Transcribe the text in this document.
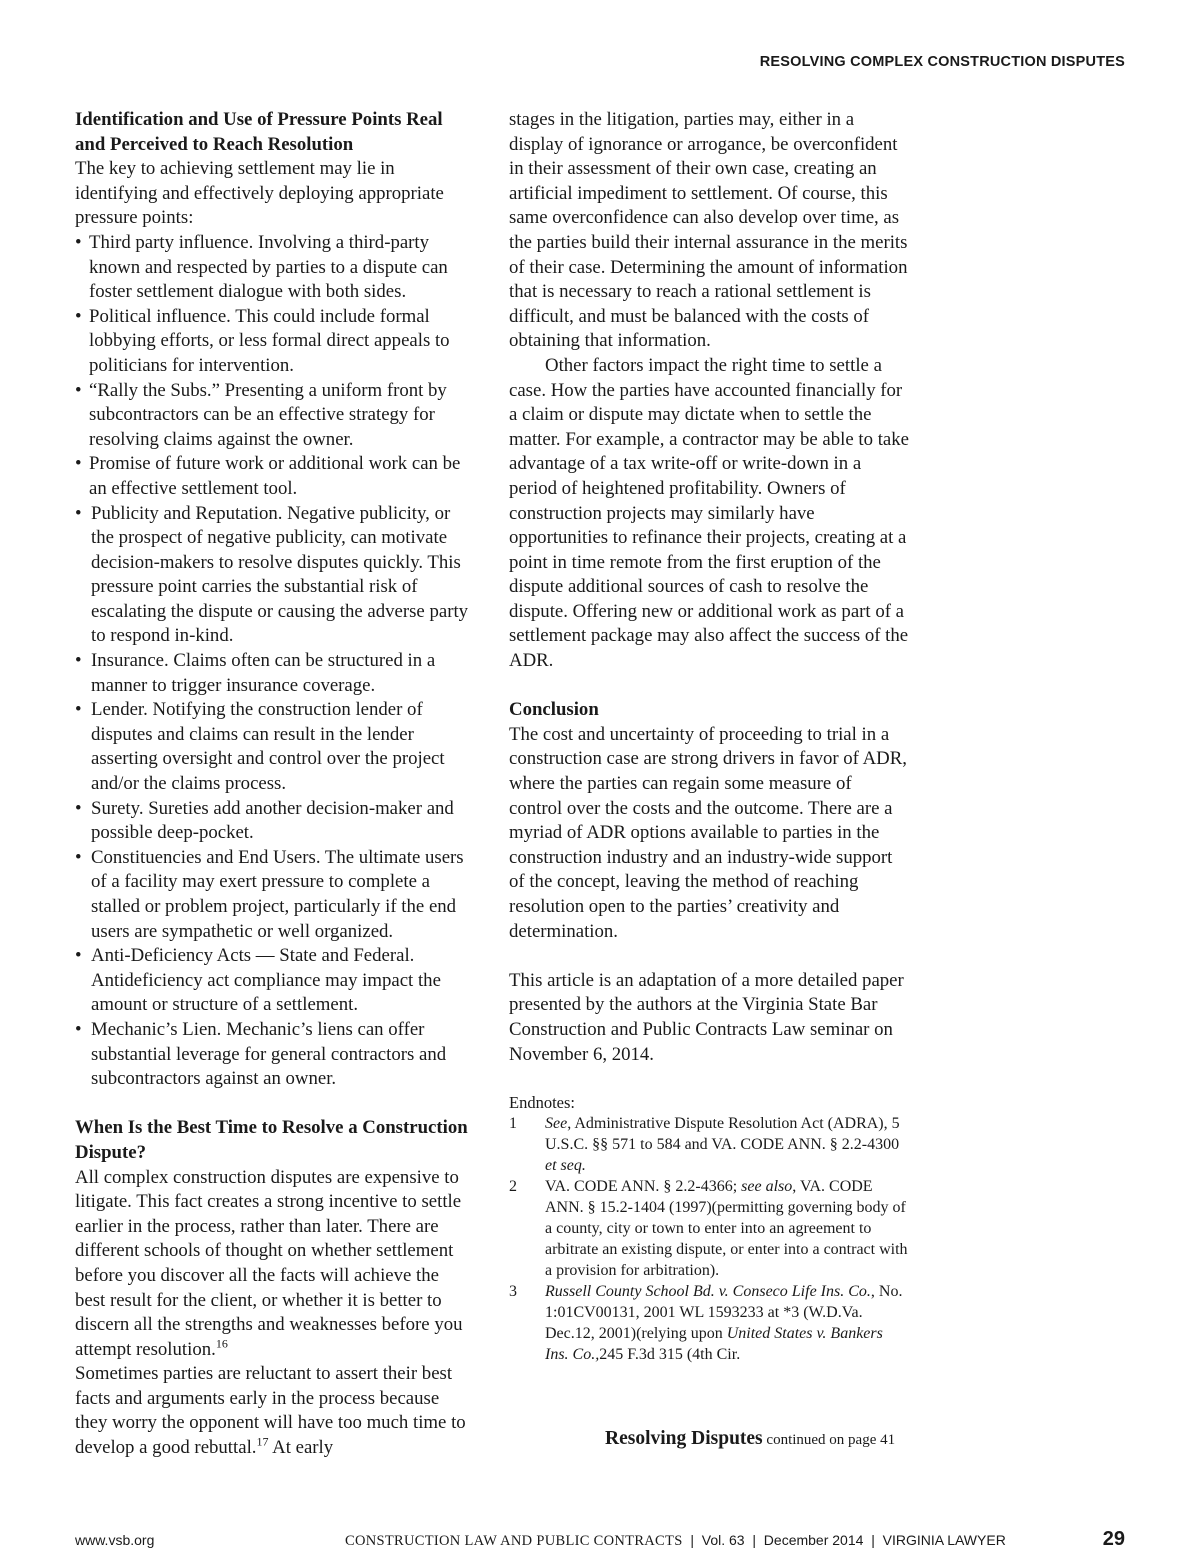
RESOLVING COMPLEX CONSTRUCTION DISPUTES

Identification and Use of Pressure Points Real and Perceived to Reach Resolution

The key to achieving settlement may lie in identifying and effectively deploying appropriate pressure points:

• Third party influence. Involving a third-party known and respected by parties to a dispute can foster settlement dialogue with both sides.
• Political influence. This could include formal lobbying efforts, or less formal direct appeals to politicians for intervention.
• “Rally the Subs.” Presenting a uniform front by subcontractors can be an effective strategy for resolving claims against the owner.
• Promise of future work or additional work can be an effective settlement tool.
• Publicity and Reputation. Negative publicity, or the prospect of negative publicity, can motivate decision-makers to resolve disputes quickly. This pressure point carries the substantial risk of escalating the dispute or causing the adverse party to respond in-kind.
• Insurance. Claims often can be structured in a manner to trigger insurance coverage.
• Lender. Notifying the construction lender of disputes and claims can result in the lender asserting oversight and control over the project and/or the claims process.
• Surety. Sureties add another decision-maker and possible deep-pocket.
• Constituencies and End Users. The ultimate users of a facility may exert pressure to complete a stalled or problem project, particularly if the end users are sympathetic or well organized.
• Anti-Deficiency Acts — State and Federal. Antideficiency act compliance may impact the amount or structure of a settlement.
• Mechanic’s Lien. Mechanic’s liens can offer substantial leverage for general contractors and subcontractors against an owner.

When Is the Best Time to Resolve a Construction Dispute?

All complex construction disputes are expensive to litigate. This fact creates a strong incentive to settle earlier in the process, rather than later. There are different schools of thought on whether settlement before you discover all the facts will achieve the best result for the client, or whether it is better to discern all the strengths and weaknesses before you attempt resolution.$^{16}$

Sometimes parties are reluctant to assert their best facts and arguments early in the process because they worry the opponent will have too much time to develop a good rebuttal.$^{17}$ At early

stages in the litigation, parties may, either in a display of ignorance or arrogance, be overconfident in their assessment of their own case, creating an artificial impediment to settlement. Of course, this same overconfidence can also develop over time, as the parties build their internal assurance in the merits of their case. Determining the amount of information that is necessary to reach a rational settlement is difficult, and must be balanced with the costs of obtaining that information.

Other factors impact the right time to settle a case. How the parties have accounted financially for a claim or dispute may dictate when to settle the matter. For example, a contractor may be able to take advantage of a tax write-off or write-down in a period of heightened profitability. Owners of construction projects may similarly have opportunities to refinance their projects, creating at a point in time remote from the first eruption of the dispute additional sources of cash to resolve the dispute. Offering new or additional work as part of a settlement package may also affect the success of the ADR.

Conclusion

The cost and uncertainty of proceeding to trial in a construction case are strong drivers in favor of ADR, where the parties can regain some measure of control over the costs and the outcome. There are a myriad of ADR options available to parties in the construction industry and an industry-wide support of the concept, leaving the method of reaching resolution open to the parties’ creativity and determination.

This article is an adaptation of a more detailed paper presented by the authors at the Virginia State Bar Construction and Public Contracts Law seminar on November 6, 2014.

Endnotes:

1 See, Administrative Dispute Resolution Act (ADRA), 5 U.S.C. §§ 571 to 584 and VA. CODE ANN. § 2.2-4300 et seq.
2 VA. CODE ANN. § 2.2-4366; see also, VA. CODE ANN. § 15.2-1404 (1997)(permitting governing body of a county, city or town to enter into an agreement to arbitrate an existing dispute, or enter into a contract with a provision for arbitration).
3 Russell County School Bd. v. Conseco Life Ins. Co., No. 1:01CV00131, 2001 WL 1593233 at *3 (W.D.Va. Dec.12, 2001)(relying upon United States v. Bankers Ins. Co.,245 F.3d 315 (4th Cir.
Resolving Disputes continued on page 41
www.vsb.org	CONSTRUCTION LAW AND PUBLIC CONTRACTS | Vol. 63 | December 2014 | VIRGINIA LAWYER	29
